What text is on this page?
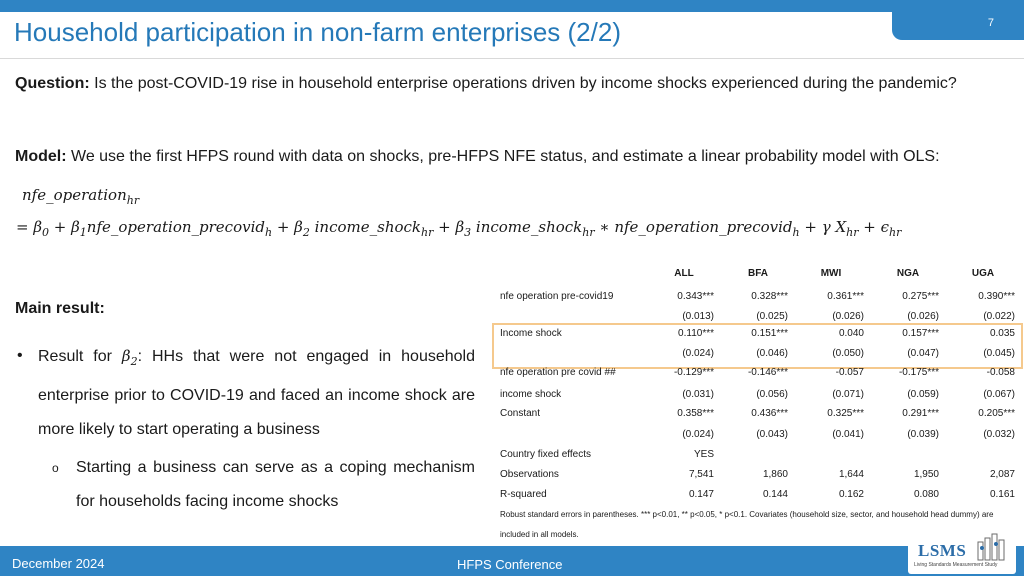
7
Household participation in non-farm enterprises (2/2)
Question: Is the post-COVID-19 rise in household enterprise operations driven by income shocks experienced during the pandemic?
Model: We use the first HFPS round with data on shocks, pre-HFPS NFE status, and estimate a linear probability model with OLS:
nfe_operation$_{hr}$
= $\beta_0$ + $\beta_1nfe\_operation\_precovid_h + \beta_2$ income_shock$_{hr}$ + $\beta_3$ income_shock$_{hr}$ ∗ nfe_operation_precovid$_h$ + γ $X_{hr} + \epsilon_{hr}$
Main result:
• Result for $\beta_2$: HHs that were not engaged in household enterprise prior to COVID-19 and faced an income shock are more likely to start operating a business
o Starting a business can serve as a coping mechanism for households facing income shocks
ALL	BFA	MWI	NGA	UGA
nfe operation pre-covid19	0.343***	0.328***	0.361***	0.275***	0.390***
(0.013)	(0.025)	(0.026)	(0.026)	(0.022)
Income shock	0.110***	0.151***	0.040	0.157***	0.035
(0.024)	(0.046)	(0.050)	(0.047)	(0.045)
nfe operation pre covid ##	-0.129***	-0.146***	-0.057	-0.175***	-0.058
income shock	(0.031)	(0.056)	(0.071)	(0.059)	(0.067)
Constant	0.358***	0.436***	0.325***	0.291***	0.205***
(0.024)	(0.043)	(0.041)	(0.039)	(0.032)
Country fixed effects	YES
Observations	7,541	1,860	1,644	1,950	2,087
R-squared	0.147	0.144	0.162	0.080	0.161
Robust standard errors in parentheses. *** p<0.01, ** p<0.05, * p<0.1. Covariates (household size, sector, and household head dummy) are included in all models.
December 2024	HFPS Conference
LSMS
Living Standards Measurement Study
